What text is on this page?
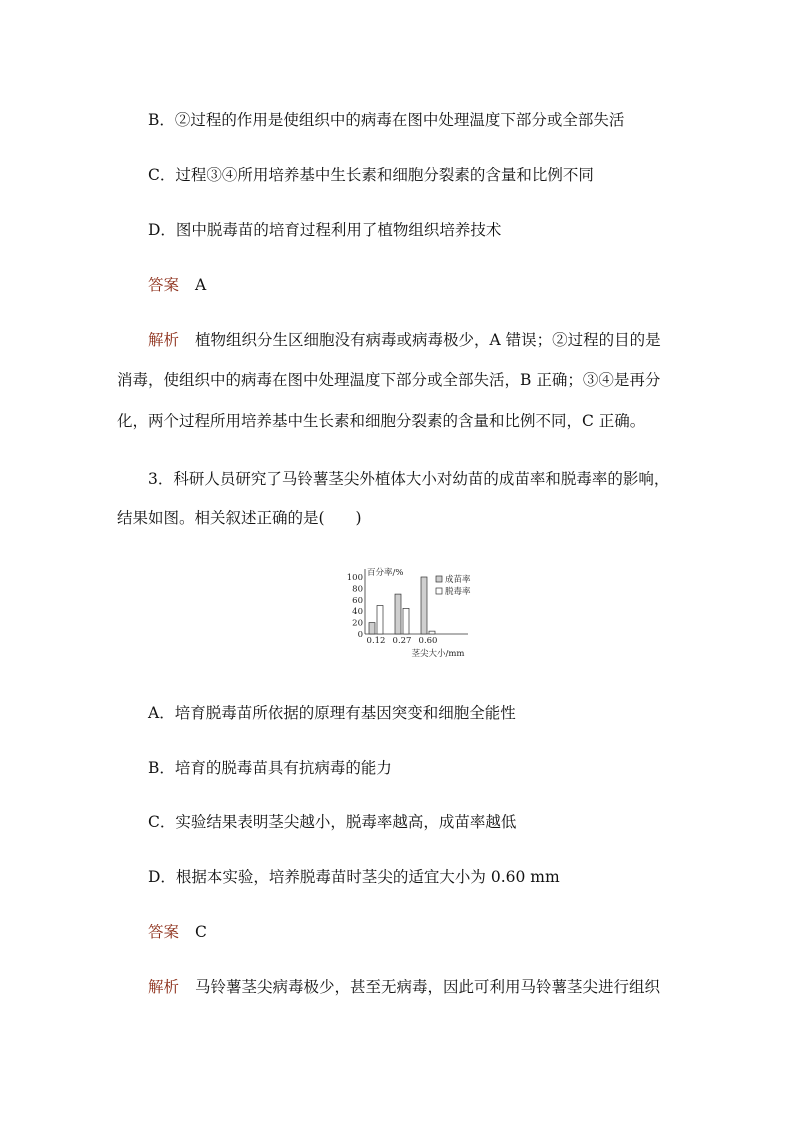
B．②过程的作用是使组织中的病毒在图中处理温度下部分或全部失活
C．过程③④所用培养基中生长素和细胞分裂素的含量和比例不同
D．图中脱毒苗的培育过程利用了植物组织培养技术
答案 A
解析 植物组织分生区细胞没有病毒或病毒极少，A 错误；②过程的目的是
消毒，使组织中的病毒在图中处理温度下部分或全部失活，B 正确；③④是再分
化，两个过程所用培养基中生长素和细胞分裂素的含量和比例不同，C 正确。
3．科研人员研究了马铃薯茎尖外植体大小对幼苗的成苗率和脱毒率的影响，
结果如图。相关叙述正确的是(　　)
100
80
60
40
20
0
百分率/%
0.12 0.27 0.60
成苗率
脱毒率
茎尖大小/mm
A．培育脱毒苗所依据的原理有基因突变和细胞全能性
B．培育的脱毒苗具有抗病毒的能力
C．实验结果表明茎尖越小，脱毒率越高，成苗率越低
D．根据本实验，培养脱毒苗时茎尖的适宜大小为 0.60 mm
答案 C
解析 马铃薯茎尖病毒极少，甚至无病毒，因此可利用马铃薯茎尖进行组织
